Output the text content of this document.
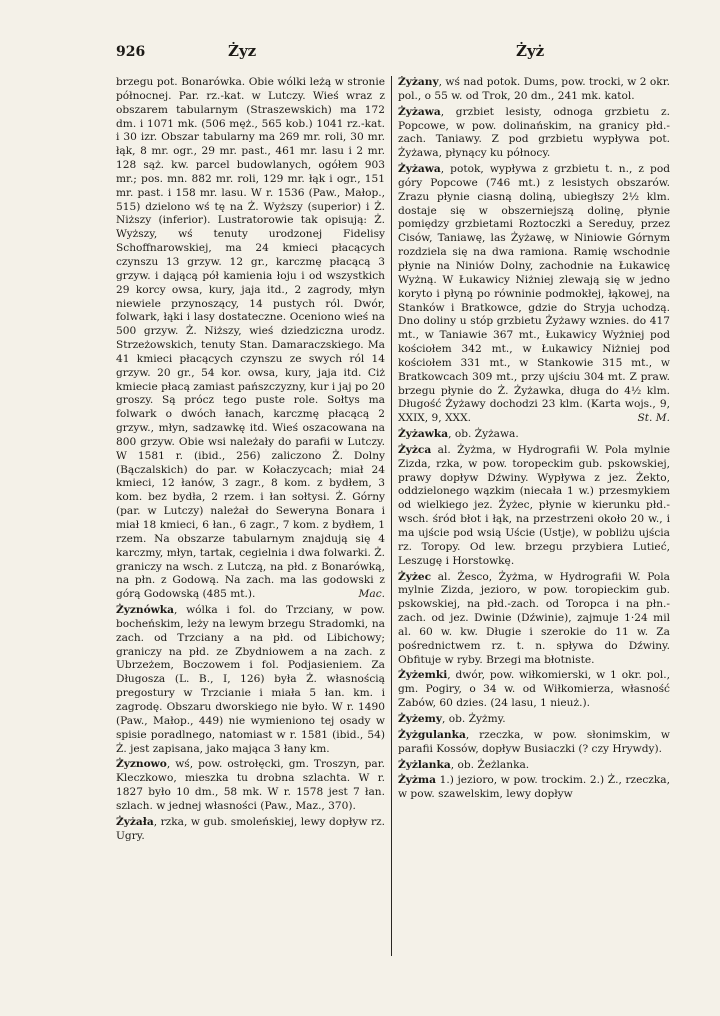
926	Żyz	Żyż

brzegu pot. Bonarówka. Obie wólki leżą w stronie północnej. Par. rz.-kat. w Lutczy. Wieś wraz z obszarem tabularnym (Straszewskich) ma 172 dm. i 1071 mk. (506 męż., 565 kob.) 1041 rz.-kat. i 30 izr. Obszar tabularny ma 269 mr. roli, 30 mr. łąk, 8 mr. ogr., 29 mr. past., 461 mr. lasu i 2 mr. 128 sąż. kw. parcel budowlanych, ogółem 903 mr.; pos. mn. 882 mr. roli, 129 mr. łąk i ogr., 151 mr. past. i 158 mr. lasu. W r. 1536 (Paw., Małop., 515) dzielono wś tę na Ż. Wyższy (superior) i Ż. Niższy (inferior). Lustratorowie tak opisują: Ż. Wyższy, wś tenuty urodzonej Fidelisy Schoffnarowskiej, ma 24 kmieci płacących czynszu 13 grzyw. 12 gr., karczmę płacącą 3 grzyw. i dającą pół kamienia łoju i od wszystkich 29 korcy owsa, kury, jaja itd., 2 zagrody, młyn niewiele przynoszący, 14 pustych ról. Dwór, folwark, łąki i lasy dostateczne. Oceniono wieś na 500 grzyw. Ż. Niższy, wieś dziedziczna urodz. Strzeżowskich, tenuty Stan. Damaraczskiego. Ma 41 kmieci płacących czynszu ze swych ról 14 grzyw. 20 gr., 54 kor. owsa, kury, jaja itd. Ciż kmiecie płacą zamiast pańszczyzny, kur i jaj po 20 groszy. Są prócz tego puste role. Sołtys ma folwark o dwóch łanach, karczmę płacącą 2 grzyw., młyn, sadzawkę itd. Wieś oszacowana na 800 grzyw. Obie wsi należały do parafii w Lutczy. W 1581 r. (ibid., 256) zaliczono Ż. Dolny (Bączalskich) do par. w Kołaczycach; miał 24 kmieci, 12 łanów, 3 zagr., 8 kom. z bydłem, 3 kom. bez bydła, 2 rzem. i łan sołtysi. Ż. Górny (par. w Lutczy) należał do Seweryna Bonara i miał 18 kmieci, 6 łan., 6 zagr., 7 kom. z bydłem, 1 rzem. Na obszarze tabularnym znajdują się 4 karczmy, młyn, tartak, cegielnia i dwa folwarki. Ż. graniczy na wsch. z Lutczą, na płd. z Bonarówką, na płn. z Godową. Na zach. ma las godowski z górą Godowską (485 mt.).	Mac.

Żyznówka, wólka i fol. do Trzciany, w pow. bocheńskim, leży na lewym brzegu Stradomki, na zach. od Trzciany a na płd. od Libichowy; graniczy na płd. ze Zbydniowem a na zach. z Ubrzeżem, Boczowem i fol. Podjasieniem. Za Długosza (L. B., I, 126) była Ż. własnością pregostury w Trzcianie i miała 5 łan. km. i zagrodę. Obszaru dworskiego nie było. W r. 1490 (Paw., Małop., 449) nie wymieniono tej osady w spisie poradlnego, natomiast w r. 1581 (ibid., 54) Ż. jest zapisana, jako mająca 3 łany km.

Żyznowo, wś, pow. ostrołęcki, gm. Troszyn, par. Kleczkowo, mieszka tu drobna szlachta. W r. 1827 było 10 dm., 58 mk. W r. 1578 jest 7 łan. szlach. w jednej własności (Paw., Maz., 370).

Żyżała, rzka, w gub. smoleńskiej, lewy dopływ rz. Ugry.

Żyżany, wś nad potok. Dums, pow. trocki, w 2 okr. pol., o 55 w. od Trok, 20 dm., 241 mk. katol.

Żyżawa, grzbiet lesisty, odnoga grzbietu z. Popcowe, w pow. dolinańskim, na granicy płd.-zach. Taniawy. Z pod grzbietu wypływa pot. Żyżawa, płynący ku północy.

Żyżawa, potok, wypływa z grzbietu t. n., z pod góry Popcowe (746 mt.) z lesistych obszarów. Zrazu płynie ciasną doliną, ubiegłszy 2½ klm. dostaje się w obszerniejszą dolinę, płynie pomiędzy grzbietami Roztoczki a Sereduy, przez Cisów, Taniawę, las Żyżawę, w Niniowie Górnym rozdziela się na dwa ramiona. Ramię wschodnie płynie na Niniów Dolny, zachodnie na Łukawicę Wyżną. W Łukawicy Niżniej zlewają się w jedno koryto i płyną po równinie podmokłej, łąkowej, na Stanków i Bratkowce, gdzie do Stryja uchodzą. Dno doliny u stóp grzbietu Żyżawy wznies. do 417 mt., w Taniawie 367 mt., Łukawicy Wyżniej pod kościołem 342 mt., w Łukawicy Niżniej pod kościołem 331 mt., w Stankowie 315 mt., w Bratkowcach 309 mt., przy ujściu 304 mt. Z praw. brzegu płynie do Ż. Żyżawka, długa do 4½ klm. Długość Żyżawy dochodzi 23 klm. (Karta wojs., 9, XXIX, 9, XXX.	St. M.

Żyżawka, ob. Żyżawa.

Żyżca al. Żyżma, w Hydrografii W. Pola mylnie Zizda, rzka, w pow. toropeckim gub. pskowskiej, prawy dopływ Dźwiny. Wypływa z jez. Żekto, oddzielonego wązkim (niecała 1 w.) przesmykiem od wielkiego jez. Żyżec, płynie w kierunku płd.-wsch. śród błot i łąk, na przestrzeni około 20 w., i ma ujście pod wsią Uście (Ustje), w pobliżu ujścia rz. Toropy. Od lew. brzegu przybiera Lutieć, Leszugę i Horstowkę.

Żyżec al. Żesco, Żyżma, w Hydrografii W. Pola mylnie Zizda, jezioro, w pow. toropieckim gub. pskowskiej, na płd.-zach. od Toropca i na płn.-zach. od jez. Dwinie (Dźwinie), zajmuje 1·24 mil al. 60 w. kw. Długie i szerokie do 11 w. Za pośrednictwem rz. t. n. spływa do Dźwiny. Obfituje w ryby. Brzegi ma błotniste.

Żyżemki, dwór, pow. wiłkomierski, w 1 okr. pol., gm. Pogiry, o 34 w. od Wiłkomierza, własność Zabów, 60 dzies. (24 lasu, 1 nieuż.).

Żyżemy, ob. Żyżmy.

Żyżgulanka, rzeczka, w pow. słonimskim, w parafii Kossów, dopływ Busiaczki (? czy Hrywdy).

Żyżlanka, ob. Żeżlanka.

Żyżma 1.) jezioro, w pow. trockim. 2.) Ż., rzeczka, w pow. szawelskim, lewy dopływ
